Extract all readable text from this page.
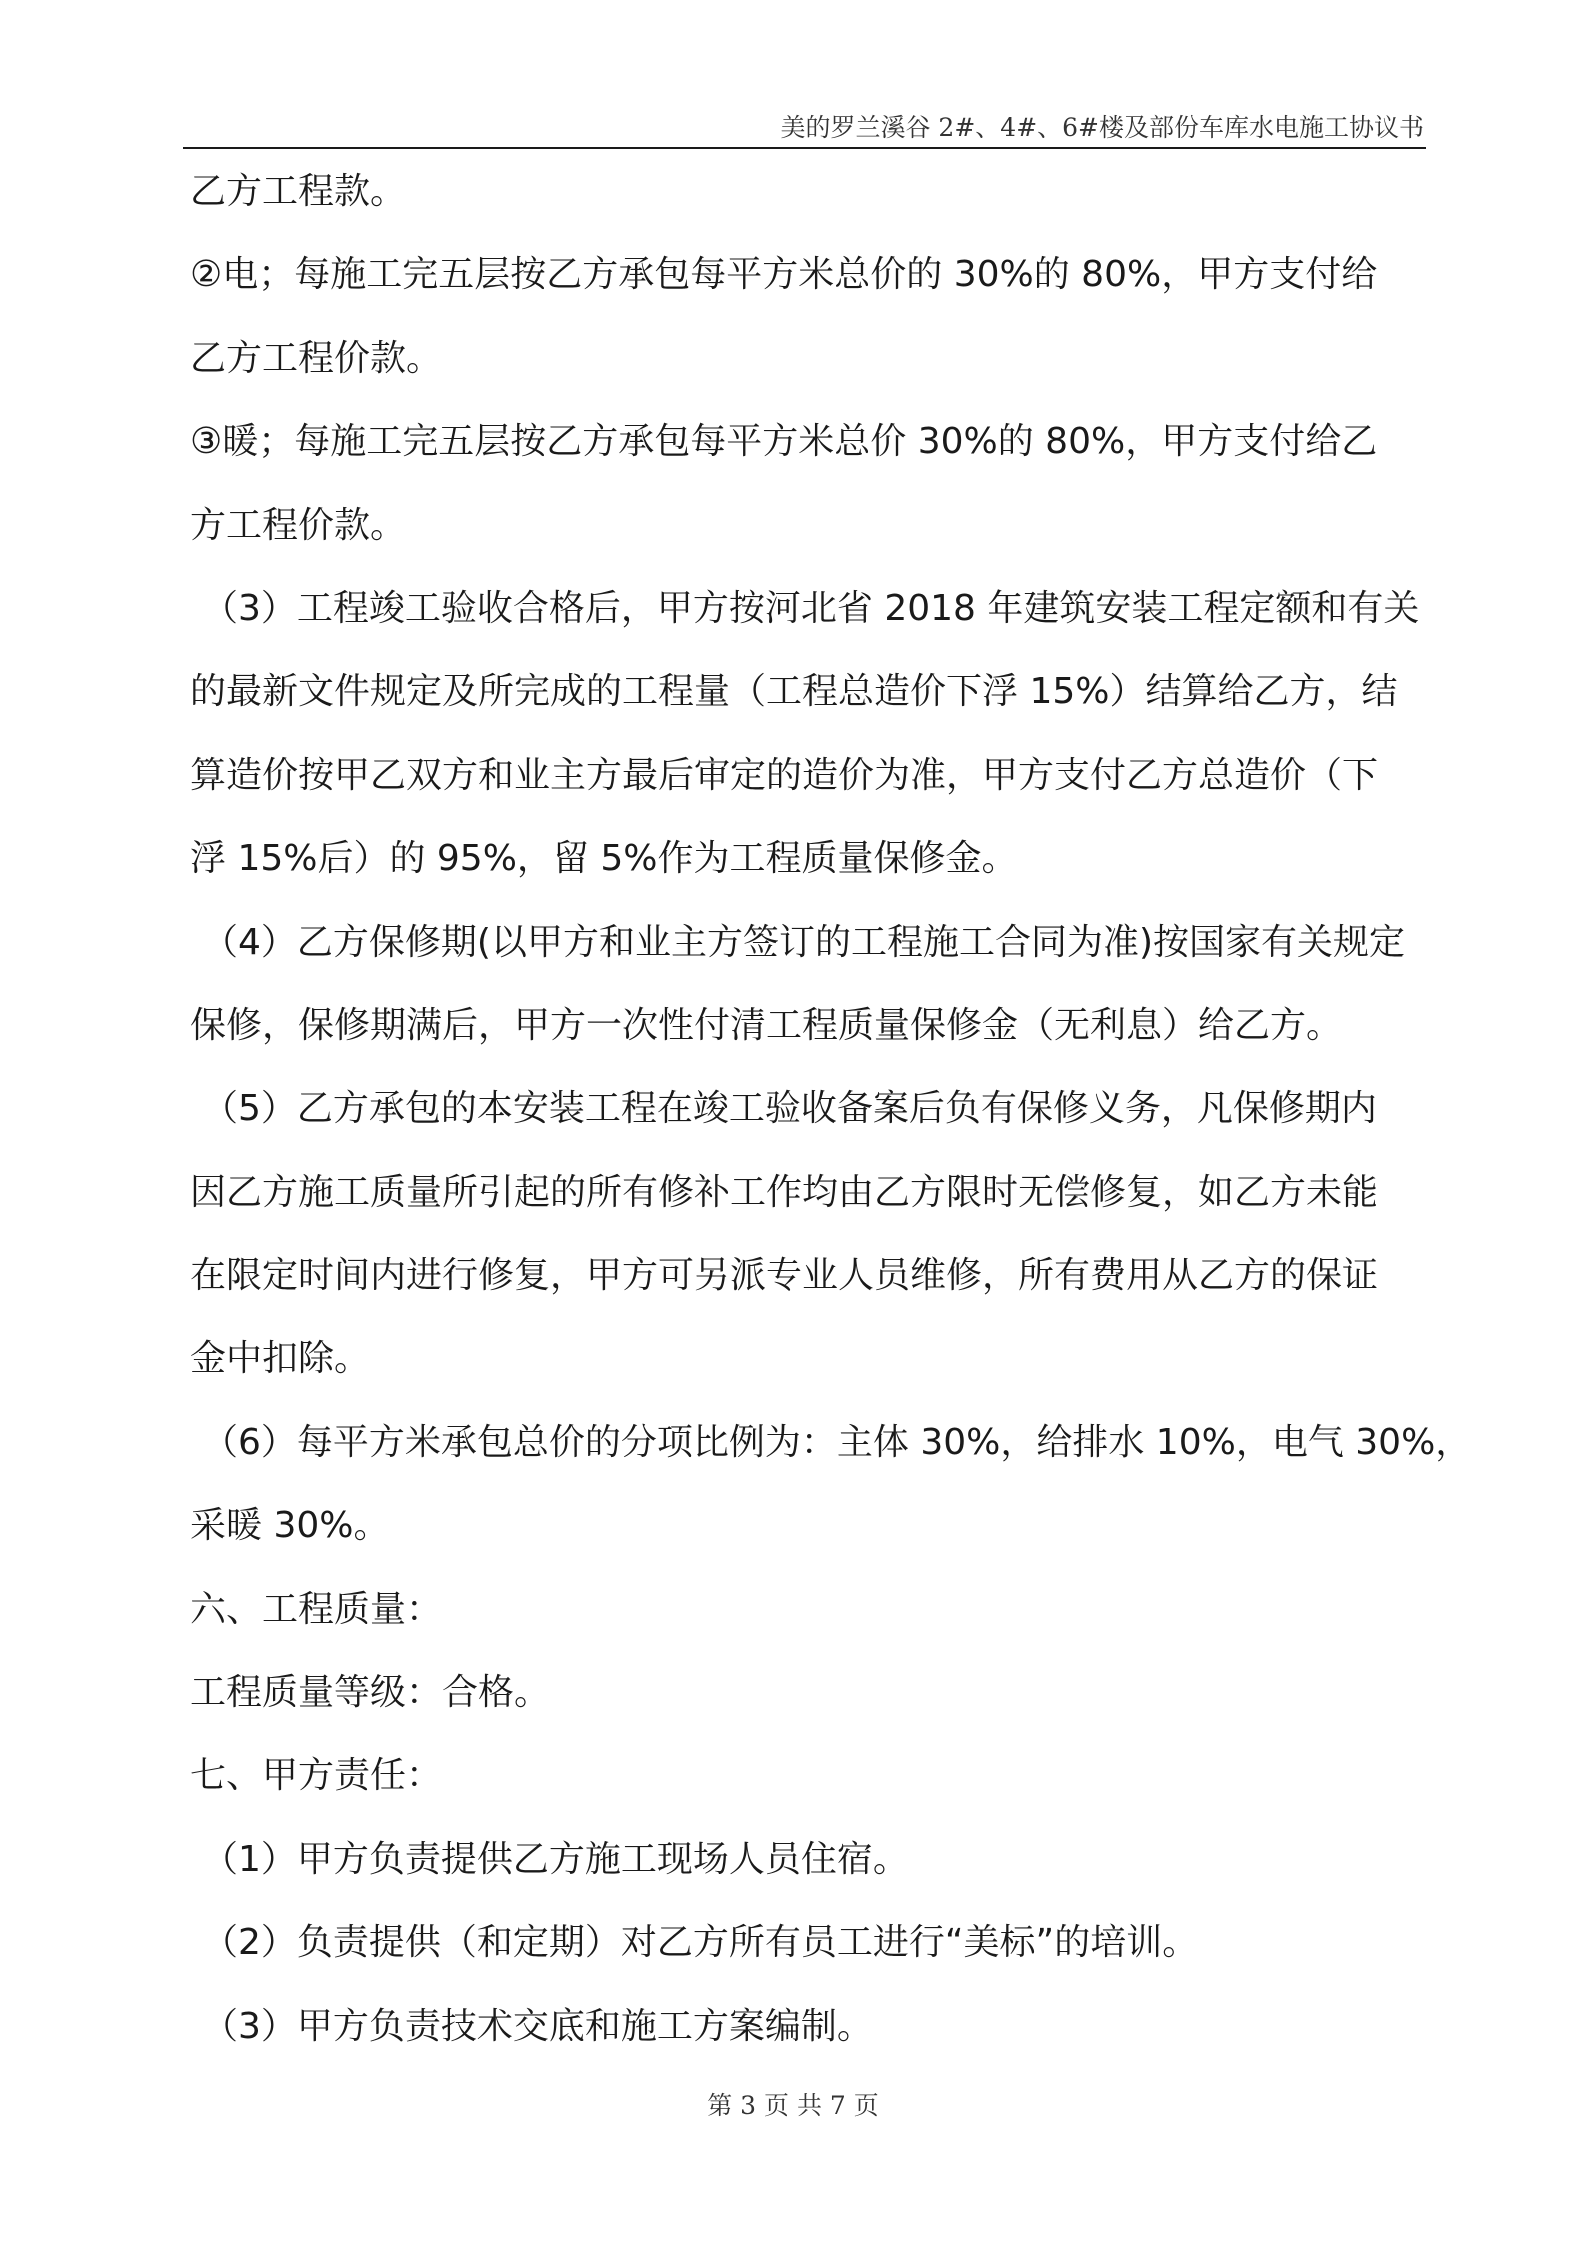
美的罗兰溪谷 2#、4#、6#楼及部份车库水电施工协议书
乙方工程款。
②电；每施工完五层按乙方承包每平方米总价的 30%的 80%，甲方支付给
乙方工程价款。
③暖；每施工完五层按乙方承包每平方米总价 30%的 80%，甲方支付给乙
方工程价款。
（3）工程竣工验收合格后，甲方按河北省 2018 年建筑安装工程定额和有关
的最新文件规定及所完成的工程量（工程总造价下浮 15%）结算给乙方，结
算造价按甲乙双方和业主方最后审定的造价为准，甲方支付乙方总造价（下
浮 15%后）的 95%，留 5%作为工程质量保修金。
（4）乙方保修期(以甲方和业主方签订的工程施工合同为准)按国家有关规定
保修，保修期满后，甲方一次性付清工程质量保修金（无利息）给乙方。
（5）乙方承包的本安装工程在竣工验收备案后负有保修义务，凡保修期内
因乙方施工质量所引起的所有修补工作均由乙方限时无偿修复，如乙方未能
在限定时间内进行修复，甲方可另派专业人员维修，所有费用从乙方的保证
金中扣除。
（6）每平方米承包总价的分项比例为：主体 30%，给排水 10%，电气 30%，
采暖 30%。
六、工程质量：
工程质量等级：合格。
七、甲方责任：
（1）甲方负责提供乙方施工现场人员住宿。
（2）负责提供（和定期）对乙方所有员工进行“美标”的培训。
（3）甲方负责技术交底和施工方案编制。
第 3 页 共 7 页
